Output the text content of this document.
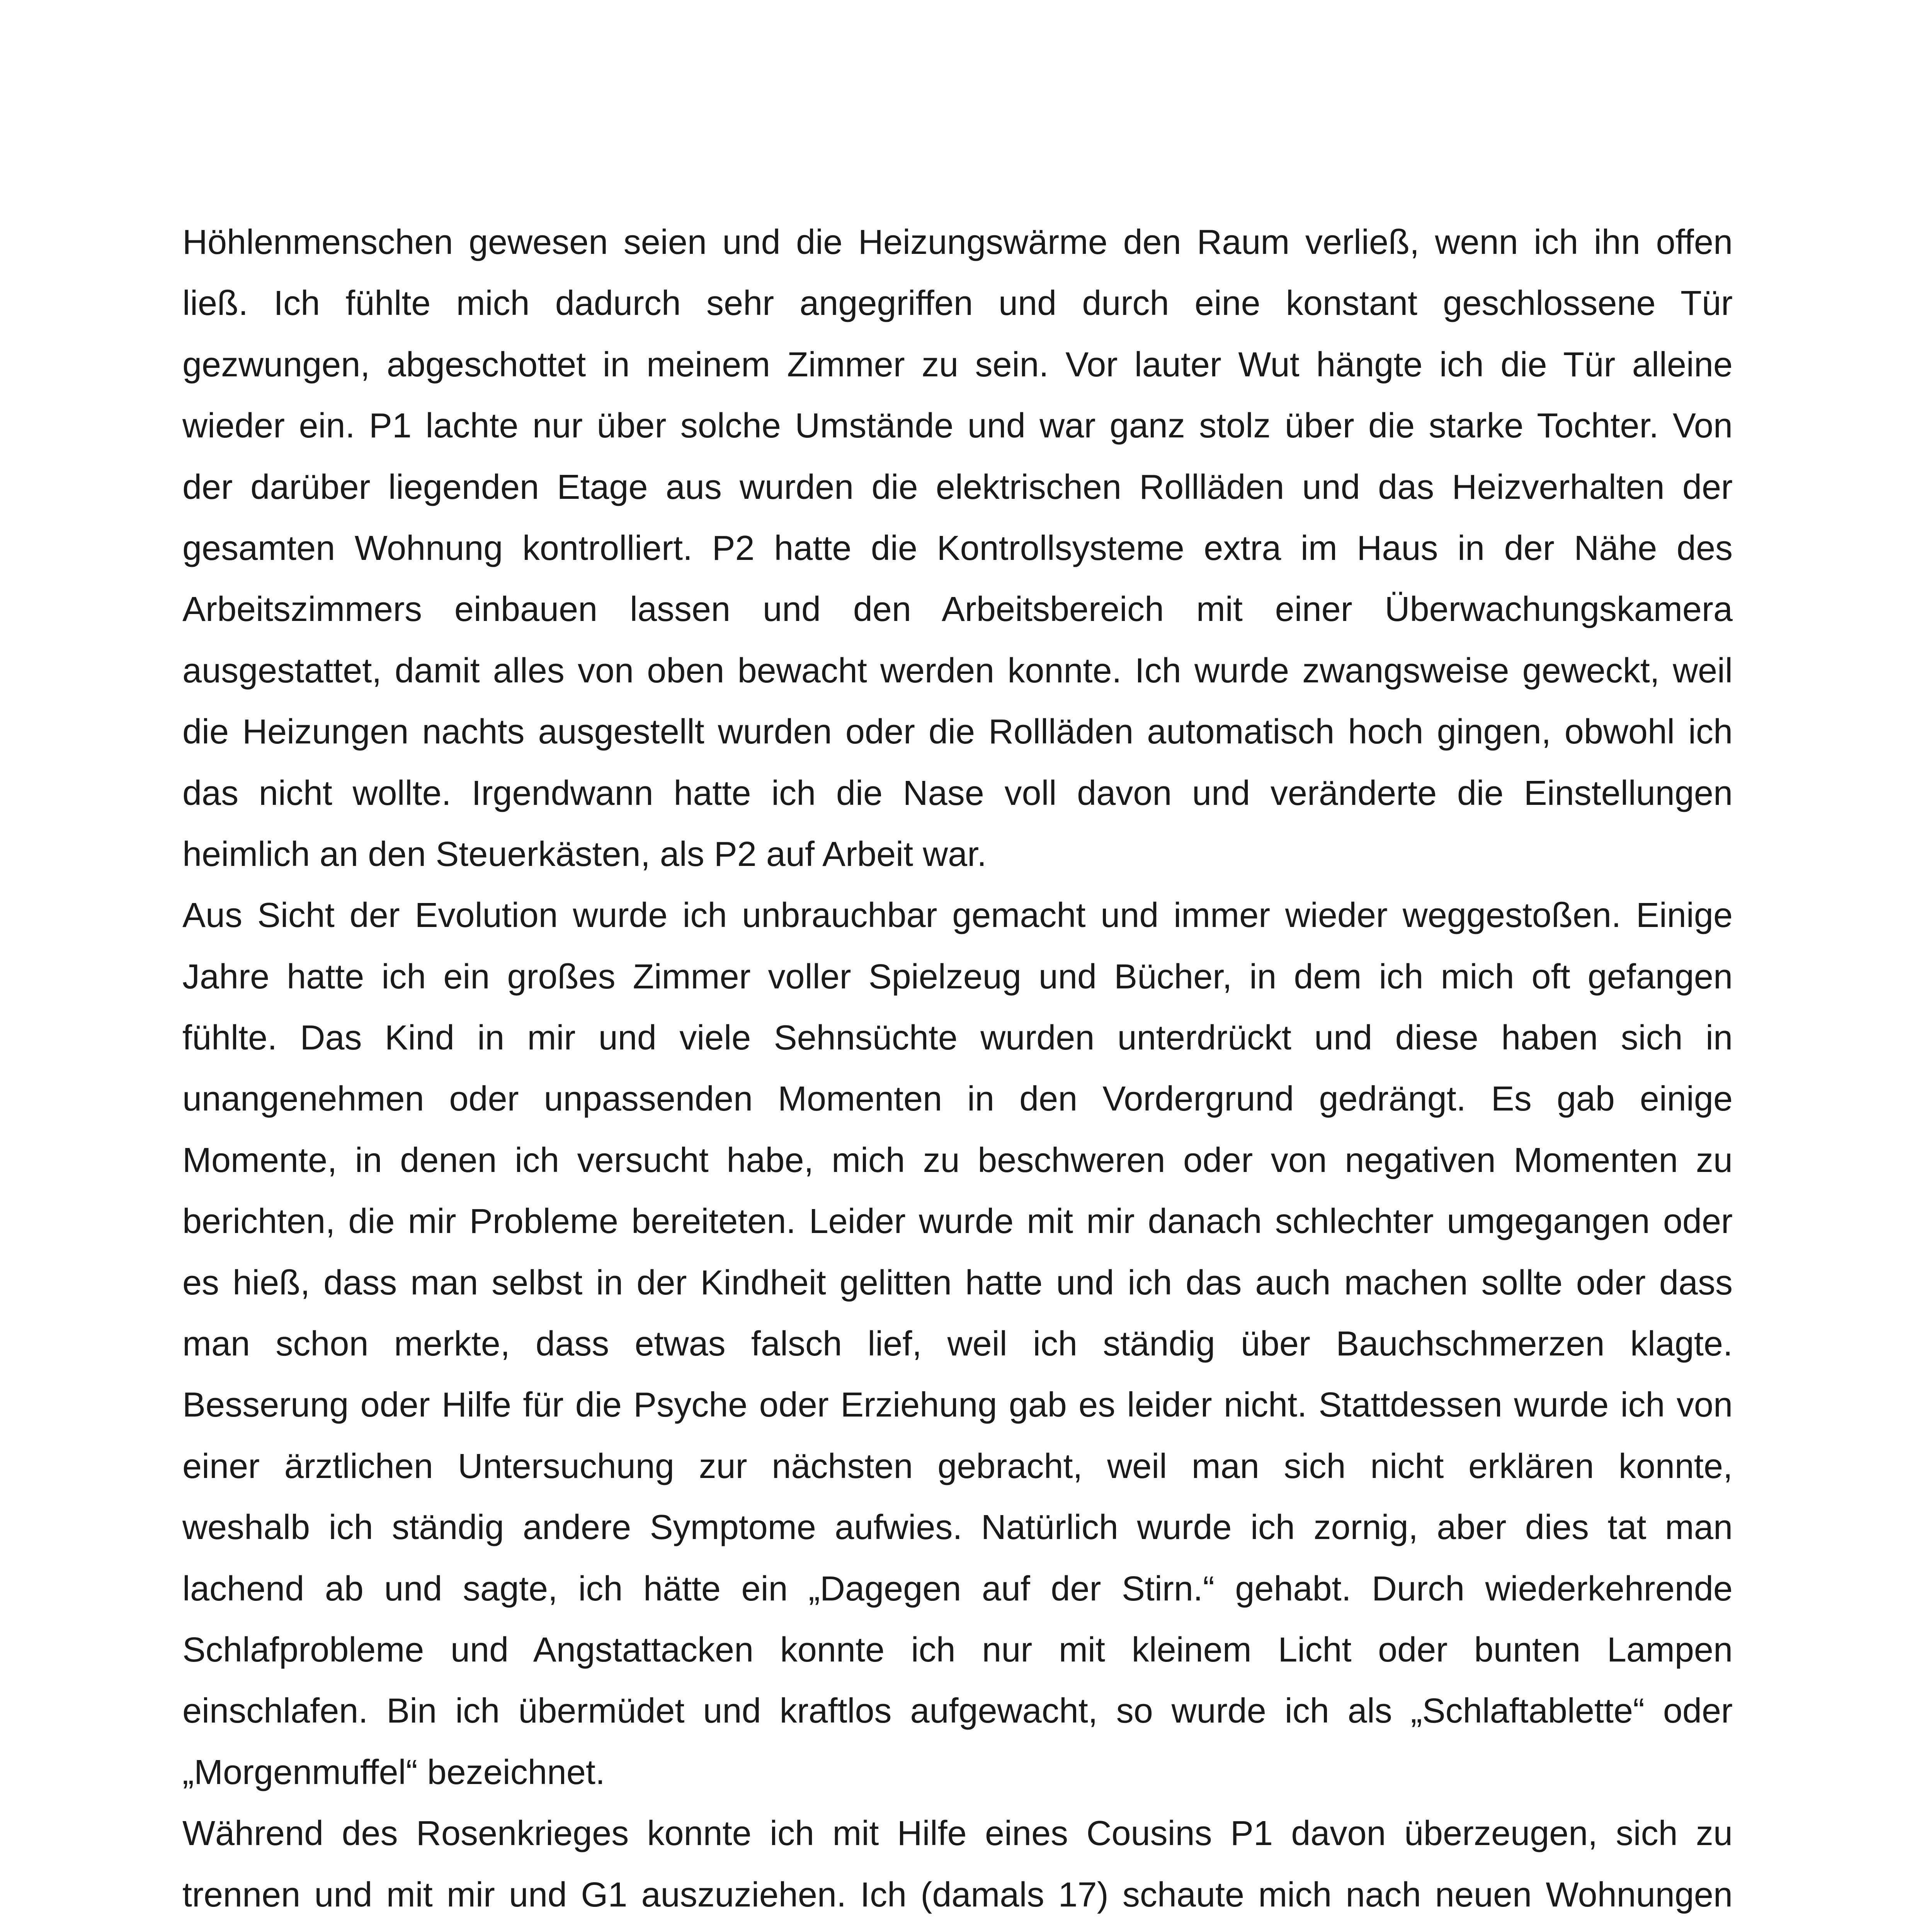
Höhlenmenschen gewesen seien und die Heizungswärme den Raum verließ, wenn ich ihn offen
ließ. Ich fühlte mich dadurch sehr angegriffen und durch eine konstant geschlossene Tür
gezwungen, abgeschottet in meinem Zimmer zu sein. Vor lauter Wut hängte ich die Tür alleine
wieder ein. P1 lachte nur über solche Umstände und war ganz stolz über die starke Tochter. Von
der darüber liegenden Etage aus wurden die elektrischen Rollläden und das Heizverhalten der
gesamten Wohnung kontrolliert. P2 hatte die Kontrollsysteme extra im Haus in der Nähe des
Arbeitszimmers einbauen lassen und den Arbeitsbereich mit einer Überwachungskamera
ausgestattet, damit alles von oben bewacht werden konnte. Ich wurde zwangsweise geweckt, weil
die Heizungen nachts ausgestellt wurden oder die Rollläden automatisch hoch gingen, obwohl ich
das nicht wollte. Irgendwann hatte ich die Nase voll davon und veränderte die Einstellungen
heimlich an den Steuerkästen, als P2 auf Arbeit war.
Aus Sicht der Evolution wurde ich unbrauchbar gemacht und immer wieder weggestoßen. Einige
Jahre hatte ich ein großes Zimmer voller Spielzeug und Bücher, in dem ich mich oft gefangen
fühlte. Das Kind in mir und viele Sehnsüchte wurden unterdrückt und diese haben sich in
unangenehmen oder unpassenden Momenten in den Vordergrund gedrängt. Es gab einige
Momente, in denen ich versucht habe, mich zu beschweren oder von negativen Momenten zu
berichten, die mir Probleme bereiteten. Leider wurde mit mir danach schlechter umgegangen oder
es hieß, dass man selbst in der Kindheit gelitten hatte und ich das auch machen sollte oder dass
man schon merkte, dass etwas falsch lief, weil ich ständig über Bauchschmerzen klagte.
Besserung oder Hilfe für die Psyche oder Erziehung gab es leider nicht. Stattdessen wurde ich von
einer ärztlichen Untersuchung zur nächsten gebracht, weil man sich nicht erklären konnte,
weshalb ich ständig andere Symptome aufwies. Natürlich wurde ich zornig, aber dies tat man
lachend ab und sagte, ich hätte ein „Dagegen auf der Stirn.“ gehabt. Durch wiederkehrende
Schlafprobleme und Angstattacken konnte ich nur mit kleinem Licht oder bunten Lampen
einschlafen. Bin ich übermüdet und kraftlos aufgewacht, so wurde ich als „Schlaftablette“ oder
„Morgenmuffel“ bezeichnet.
Während des Rosenkrieges konnte ich mit Hilfe eines Cousins P1 davon überzeugen, sich zu
trennen und mit mir und G1 auszuziehen. Ich (damals 17) schaute mich nach neuen Wohnungen
